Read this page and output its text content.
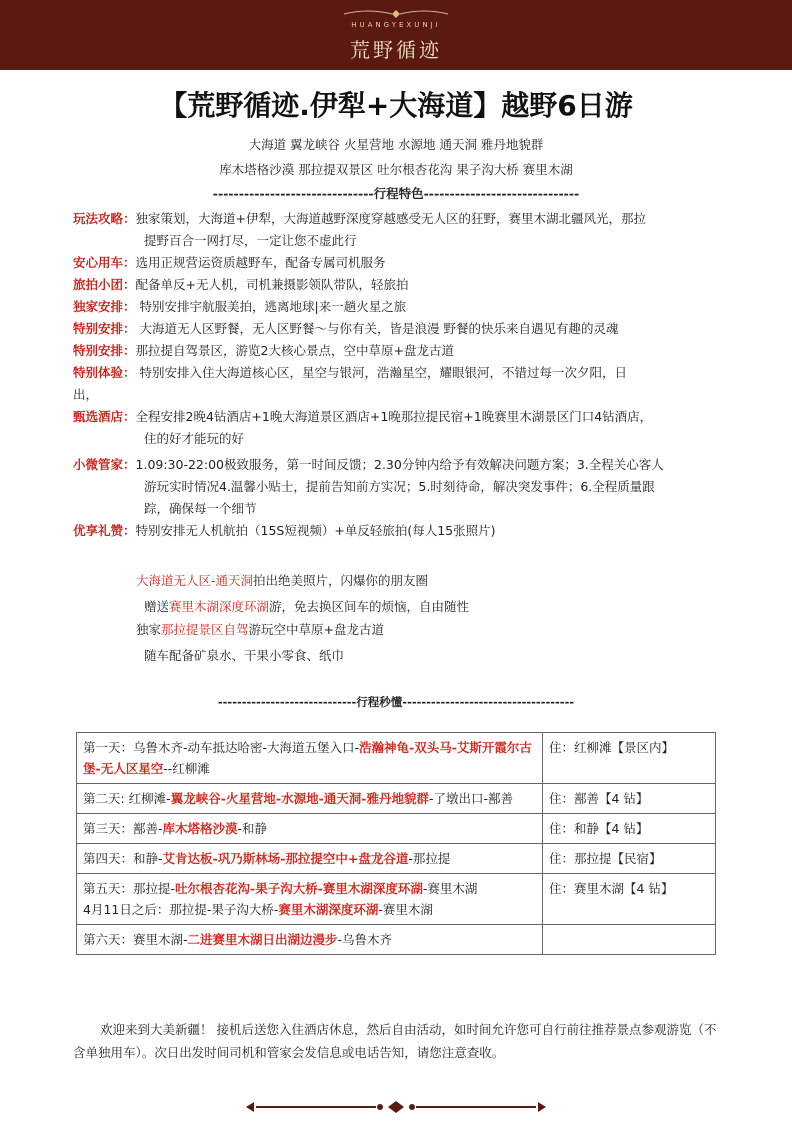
HUANGYEXUNJI
荒野循迹
【荒野循迹.伊犁+大海道】越野6日游
大海道 翼龙峡谷 火星营地 水源地 通天洞 雅丹地貌群
库木塔格沙漠 那拉提双景区 吐尔根杏花沟 果子沟大桥 赛里木湖
-------------------------------行程特色------------------------------
玩法攻略：独家策划，大海道+伊犁，大海道越野深度穿越感受无人区的狂野，赛里木湖北疆风光，那拉
提野百合一网打尽，一定让您不虚此行
安心用车：选用正规营运资质越野车，配备专属司机服务
旅拍小团：配备单反+无人机，司机兼摄影领队带队，轻旅拍
独家安排： 特别安排宇航服美拍，逃离地球|来一趟火星之旅
特别安排： 大海道无人区野餐，无人区野餐～与你有关，皆是浪漫 野餐的快乐来自遇见有趣的灵魂
特别安排：那拉提自驾景区，游览2大核心景点，空中草原+盘龙古道
特别体验： 特别安排入住大海道核心区，星空与银河，浩瀚星空，耀眼银河，不错过每一次夕阳，日
出，
甄选酒店：全程安排2晚4钻酒店+1晚大海道景区酒店+1晚那拉提民宿+1晚赛里木湖景区门口4钻酒店，
住的好才能玩的好
小微管家：1.09:30-22:00极致服务，第一时间反馈；2.30分钟内给予有效解决问题方案；3.全程关心客人
游玩实时情况4.温馨小贴士，提前告知前方实况；5.时刻待命，解决突发事件；6.全程质量跟
踪，确保每一个细节
优享礼赞：特别安排无人机航拍（15S短视频）+单反轻旅拍(每人15张照片)
大海道无人区-通天洞拍出绝美照片，闪爆你的朋友圈
赠送赛里木湖深度环湖游，免去换区间车的烦恼，自由随性
独家那拉提景区自驾游玩空中草原+盘龙古道
随车配备矿泉水、干果小零食、纸巾
-----------------------------行程秒懂------------------------------------
第一天：乌鲁木齐-动车抵达哈密-大海道五堡入口-浩瀚神龟-双头马-艾斯开霞尔古堡-无人区星空--红柳滩	住：红柳滩【景区内】
第二天: 红柳滩-翼龙峡谷-火星营地-水源地-通天洞-雅丹地貌群-了墩出口-鄯善	住：鄯善【4 钻】
第三天：鄯善-库木塔格沙漠-和静	住：和静【4 钻】
第四天：和静-艾肯达板-巩乃斯林场-那拉提空中+盘龙谷道-那拉提	住：那拉提【民宿】
第五天：那拉提-吐尔根杏花沟-果子沟大桥-赛里木湖深度环湖-赛里木湖
4月11日之后：那拉提-果子沟大桥-赛里木湖深度环湖-赛里木湖	住：赛里木湖【4 钻】
第六天：赛里木湖-二进赛里木湖日出湖边漫步-乌鲁木齐	
欢迎来到大美新疆！ 接机后送您入住酒店休息，然后自由活动，如时间允许您可自行前往推荐景点参观游览（不含单独用车）。次日出发时间司机和管家会发信息或电话告知，请您注意查收。
